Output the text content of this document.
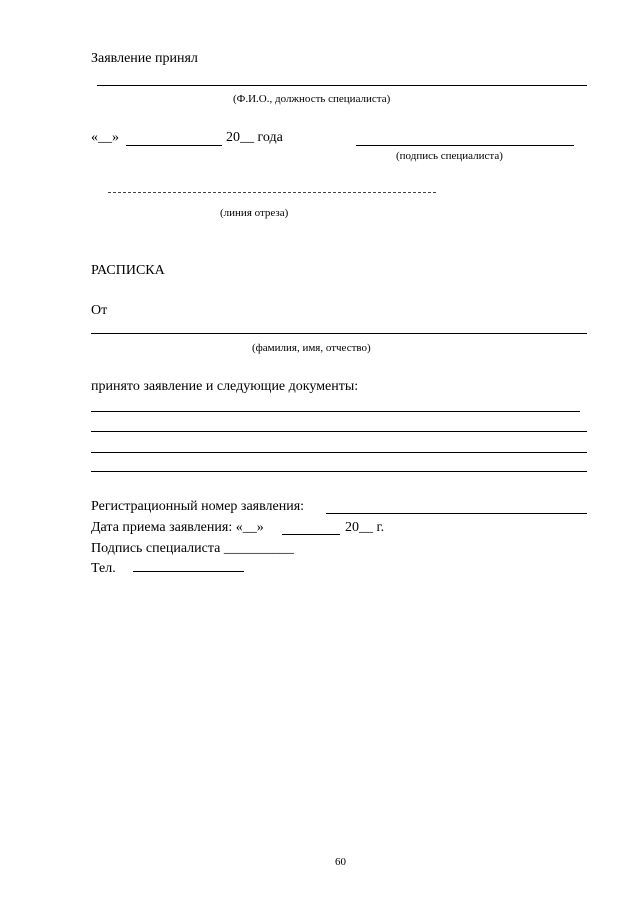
Заявление принял
(Ф.И.О., должность специалиста)
«__»	20__ года
(подпись специалиста)
(линия отреза)
РАСПИСКА
От
(фамилия, имя, отчество)
принято заявление и следующие документы:
Регистрационный номер заявления:
Дата приема заявления: «__»	20__ г.
Подпись специалиста __________
Тел.
60
